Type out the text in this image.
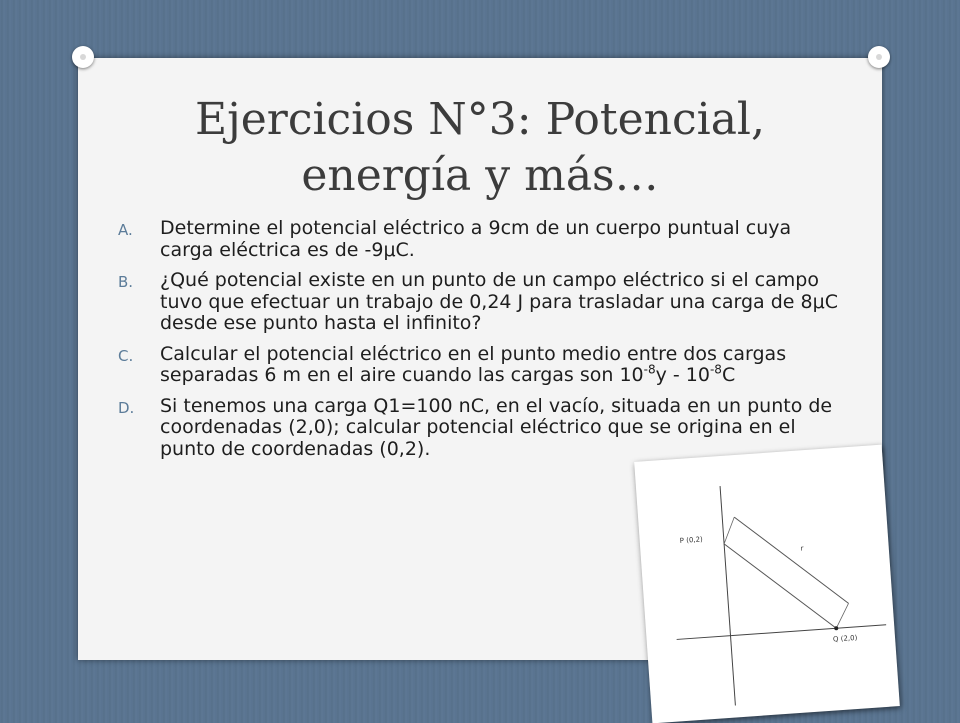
Ejercicios N°3: Potencial,
energía y más…
A. Determine el potencial eléctrico a 9cm de un cuerpo puntual cuya carga eléctrica es de -9μC.
B. ¿Qué potencial existe en un punto de un campo eléctrico si el campo tuvo que efectuar un trabajo de 0,24 J para trasladar una carga de 8μC desde ese punto hasta el infinito?
C. Calcular el potencial eléctrico en el punto medio entre dos cargas separadas 6 m en el aire cuando las cargas son $10^{-8}y - 10^{-8}C$
D. Si tenemos una carga Q1=100 nC, en el vacío, situada en un punto de coordenadas (2,0); calcular potencial eléctrico que se origina en el punto de coordenadas (0,2).
P (0,2)
Q (2,0)
r
